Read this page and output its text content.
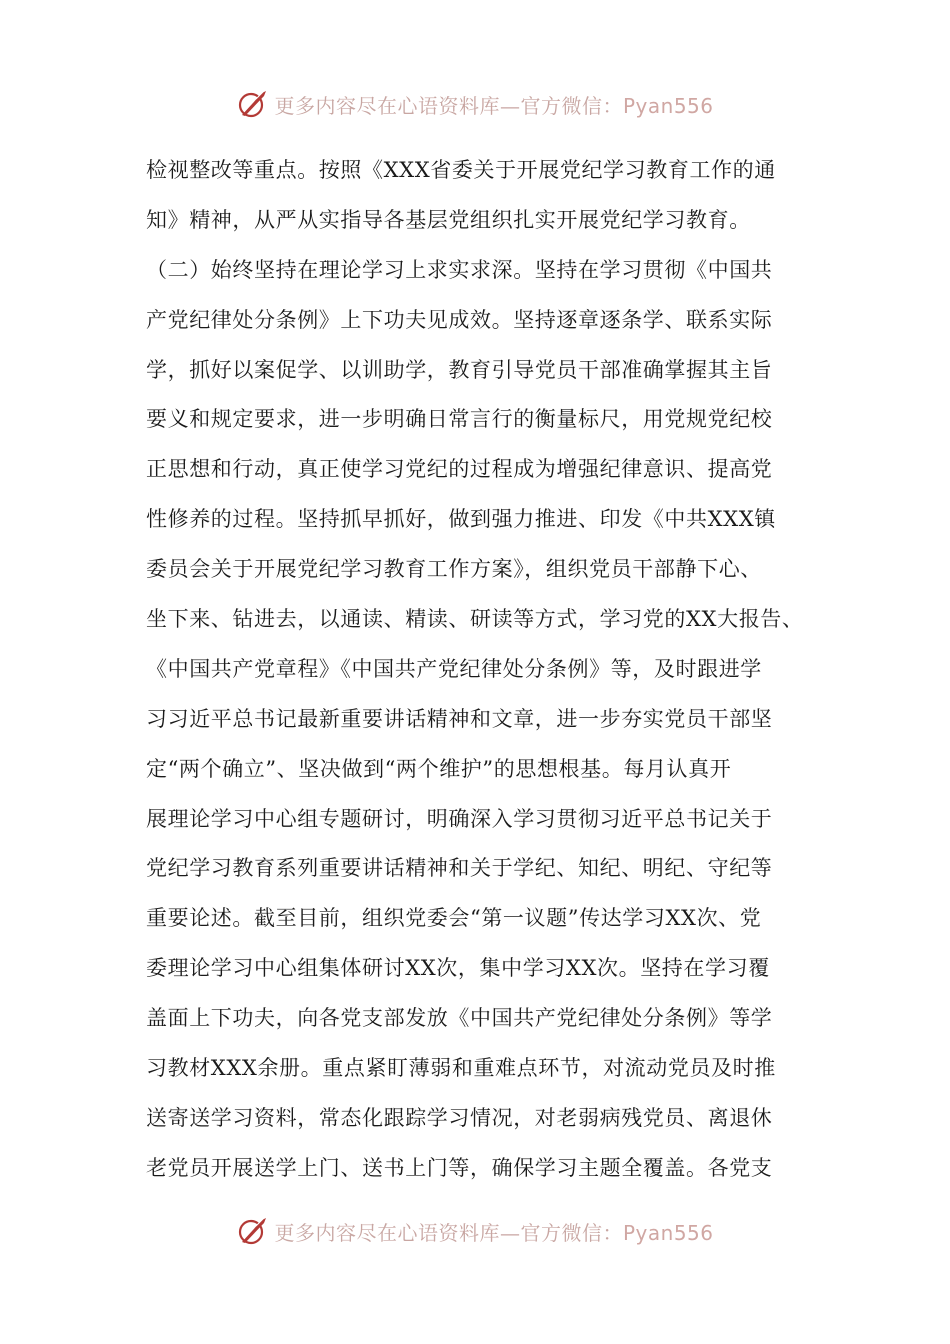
更多内容尽在心语资料库—官方微信：Pyan556
检视整改等重点。按照《XXX省委关于开展党纪学习教育工作的通
知》精神，从严从实指导各基层党组织扎实开展党纪学习教育。
（二）始终坚持在理论学习上求实求深。坚持在学习贯彻《中国共
产党纪律处分条例》上下功夫见成效。坚持逐章逐条学、联系实际
学，抓好以案促学、以训助学，教育引导党员干部准确掌握其主旨
要义和规定要求，进一步明确日常言行的衡量标尺，用党规党纪校
正思想和行动，真正使学习党纪的过程成为增强纪律意识、提高党
性修养的过程。坚持抓早抓好，做到强力推进、印发《中共XXX镇
委员会关于开展党纪学习教育工作方案》，组织党员干部静下心、
坐下来、钻进去，以通读、精读、研读等方式，学习党的XX大报告、
《中国共产党章程》《中国共产党纪律处分条例》等，及时跟进学
习习近平总书记最新重要讲话精神和文章，进一步夯实党员干部坚
定“两个确立”、坚决做到“两个维护”的思想根基。每月认真开
展理论学习中心组专题研讨，明确深入学习贯彻习近平总书记关于
党纪学习教育系列重要讲话精神和关于学纪、知纪、明纪、守纪等
重要论述。截至目前，组织党委会“第一议题”传达学习XX次、党
委理论学习中心组集体研讨XX次，集中学习XX次。坚持在学习覆
盖面上下功夫，向各党支部发放《中国共产党纪律处分条例》等学
习教材XXX余册。重点紧盯薄弱和重难点环节，对流动党员及时推
送寄送学习资料，常态化跟踪学习情况，对老弱病残党员、离退休
老党员开展送学上门、送书上门等，确保学习主题全覆盖。各党支
更多内容尽在心语资料库—官方微信：Pyan556
